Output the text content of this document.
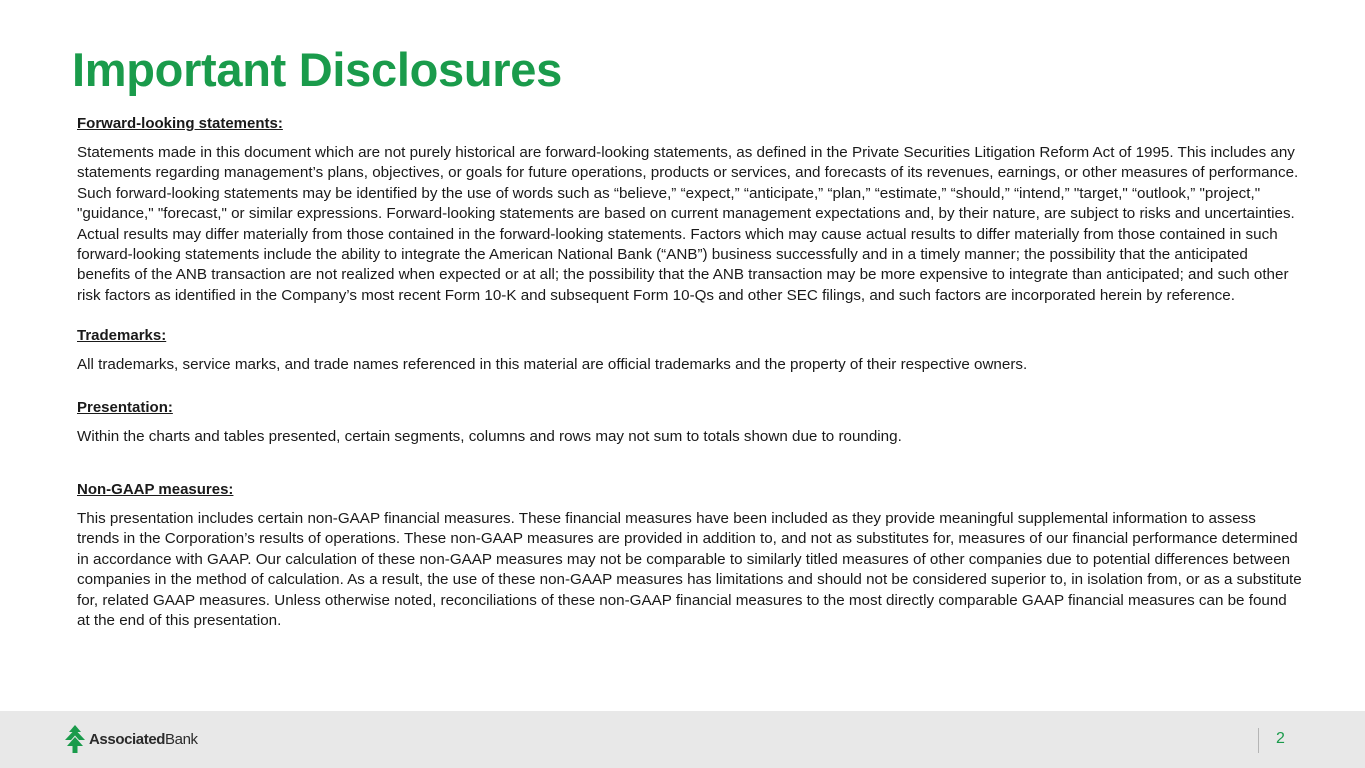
Important Disclosures

Forward-looking statements:

Statements made in this document which are not purely historical are forward-looking statements, as defined in the Private Securities Litigation Reform Act of 1995. This includes any statements regarding management’s plans, objectives, or goals for future operations, products or services, and forecasts of its revenues, earnings, or other measures of performance. Such forward-looking statements may be identified by the use of words such as “believe,” “expect,” “anticipate,” “plan,” “estimate,” “should,” “intend,” "target," “outlook,” "project," "guidance," "forecast," or similar expressions. Forward-looking statements are based on current management expectations and, by their nature, are subject to risks and uncertainties. Actual results may differ materially from those contained in the forward-looking statements. Factors which may cause actual results to differ materially from those contained in such forward-looking statements include the ability to integrate the American National Bank (“ANB”) business successfully and in a timely manner; the possibility that the anticipated benefits of the ANB transaction are not realized when expected or at all; the possibility that the ANB transaction may be more expensive to integrate than anticipated; and such other risk factors as identified in the Company’s most recent Form 10-K and subsequent Form 10-Qs and other SEC filings, and such factors are incorporated herein by reference.

Trademarks:

All trademarks, service marks, and trade names referenced in this material are official trademarks and the property of their respective owners.

Presentation:

Within the charts and tables presented, certain segments, columns and rows may not sum to totals shown due to rounding.

Non-GAAP measures:

This presentation includes certain non-GAAP financial measures. These financial measures have been included as they provide meaningful supplemental information to assess trends in the Corporation’s results of operations. These non-GAAP measures are provided in addition to, and not as substitutes for, measures of our financial performance determined in accordance with GAAP. Our calculation of these non-GAAP measures may not be comparable to similarly titled measures of other companies due to potential differences between companies in the method of calculation. As a result, the use of these non-GAAP measures has limitations and should not be considered superior to, in isolation from, or as a substitute for, related GAAP measures. Unless otherwise noted, reconciliations of these non-GAAP financial measures to the most directly comparable GAAP financial measures can be found at the end of this presentation.

AssociatedBank	2
